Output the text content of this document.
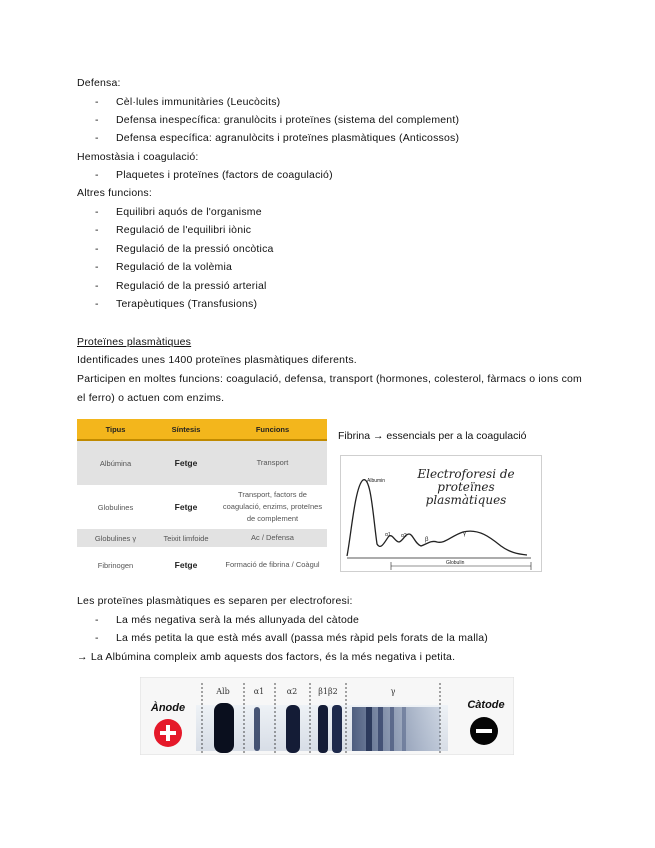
Defensa:
- Cèl·lules immunitàries (Leucòcits)
- Defensa inespecífica: granulòcits i proteïnes (sistema del complement)
- Defensa específica: agranulòcits i proteïnes plasmàtiques (Anticossos)
Hemostàsia i coagulació:
- Plaquetes i proteïnes (factors de coagulació)
Altres funcions:
- Equilibri aquós de l'organisme
- Regulació de l'equilibri iònic
- Regulació de la pressió oncòtica
- Regulació de la volèmia
- Regulació de la pressió arterial
- Terapèutiques (Transfusions)
Proteïnes plasmàtiques
Identificades unes 1400 proteïnes plasmàtiques diferents.
Participen en moltes funcions: coagulació, defensa, transport (hormones, colesterol, fàrmacs o ions com
el ferro) o actuen com enzims.
Tipus	Síntesis	Funcions
Albúmina	Fetge	Transport
Globulines	Fetge	Transport, factors de coagulació, enzims, proteïnes de complement
Globulines γ	Teixit limfoide	Ac / Defensa
Fibrinogen	Fetge	Formació de fibrina / Coàgul
Fibrina → essencials per a la coagulació
Electroforesi de
proteïnes
plasmàtiques
Albumin
α1 α2
β
γ
Globulin
Les proteïnes plasmàtiques es separen per electroforesi:
- La més negativa serà la més allunyada del càtode
- La més petita la que està més avall (passa més ràpid pels forats de la malla)
→ La Albúmina compleix amb aquests dos factors, és la més negativa i petita.
Alb	α1	α2	β1β2	γ
Ànode	Càtode
